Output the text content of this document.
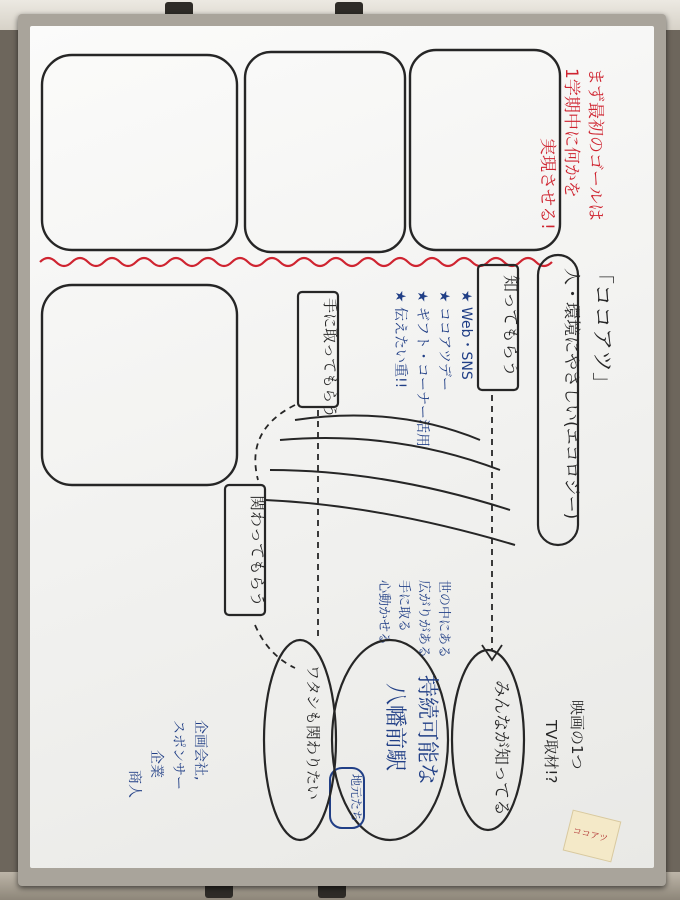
まず最初のゴールは
1学期中に何かを
実現させる!
「ココアツ」
人・環境にやさしい(エコロジー)
知ってもらう
★ Web・SNS
★ ココアツデー
★ ギフト・コーナー活用
★ 伝えたい重!!
手に取ってもらう
関わってもらう
世の中にある
広がりがある
手に取る
心動かせる
みんなが知ってる
持続可能な
八幡前駅
地元たち
ワタシも関わりたい	映画の1つ
TV取材!?
企画会社,
スポンサー
企業
商人
ココアツ
